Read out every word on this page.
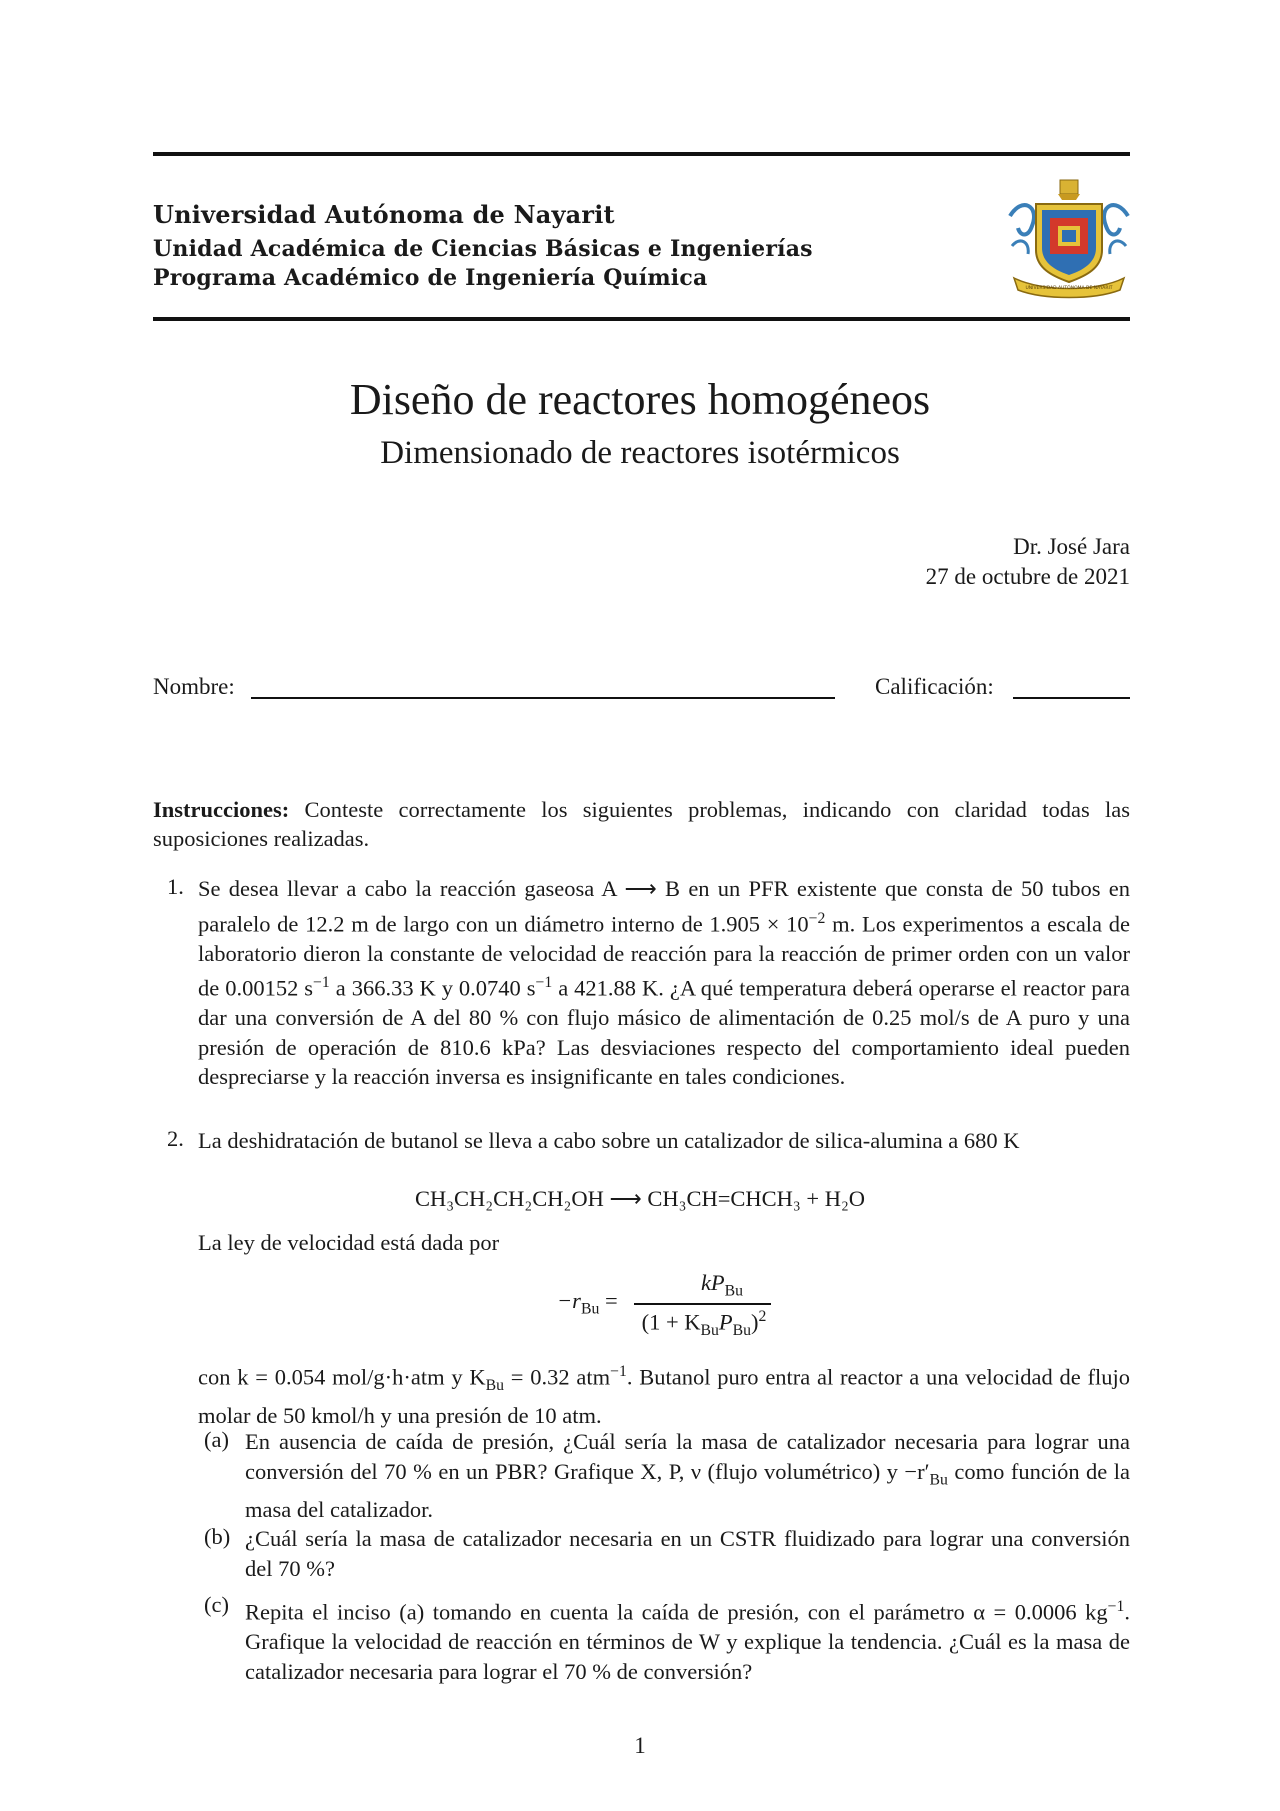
Universidad Autónoma de Nayarit
Unidad Académica de Ciencias Básicas e Ingenierías
Programa Académico de Ingeniería Química	UNIVERSIDAD AUTÓNOMA DE NAYARIT
Diseño de reactores homogéneos
Dimensionado de reactores isotérmicos
Dr. José Jara
27 de octubre de 2021
Nombre:	Calificación:
Instrucciones: Conteste correctamente los siguientes problemas, indicando con claridad todas las suposiciones realizadas.
1. Se desea llevar a cabo la reacción gaseosa A ⟶ B en un PFR existente que consta de 50 tubos en paralelo de 12.2 m de largo con un diámetro interno de $1.905 \times 10^{-2}$ m. Los experimentos a escala de laboratorio dieron la constante de velocidad de reacción para la reacción de primer orden con un valor de 0.00152 $s^{-1}$ a 366.33 K y 0.0740 $s^{-1}$ a 421.88 K. ¿A qué temperatura deberá operarse el reactor para dar una conversión de A del 80 % con flujo másico de alimentación de 0.25 mol/s de A puro y una presión de operación de 810.6 kPa? Las desviaciones respecto del comportamiento ideal pueden despreciarse y la reacción inversa es insignificante en tales condiciones.
2. La deshidratación de butanol se lleva a cabo sobre un catalizador de silica-alumina a 680 K
CH₃CH₂CH₂CH₂OH ⟶ CH₃CH=CHCH₃ + H₂O
La ley de velocidad está dada por
$-r_{Bu}$ =
$kP_{Bu}$
$(1 + K_{Bu}P_{Bu})^2$
con k = 0.054 mol/g·h·atm y $K_{Bu} = 0.32$ atm$^{-1}$. Butanol puro entra al reactor a una velocidad de flujo molar de 50 kmol/h y una presión de 10 atm.
(a) En ausencia de caída de presión, ¿Cuál sería la masa de catalizador necesaria para lograr una conversión del 70 % en un PBR? Grafique X, P, ν (flujo volumétrico) $y -r'_{Bu}$ como función de la masa del catalizador.
(b) ¿Cuál sería la masa de catalizador necesaria en un CSTR fluidizado para lograr una conversión del 70 %?
(c) Repita el inciso (a) tomando en cuenta la caída de presión, con el parámetro α = 0.0006 $kg^{-1}$. Grafique la velocidad de reacción en términos de W y explique la tendencia. ¿Cuál es la masa de catalizador necesaria para lograr el 70 % de conversión?
1
